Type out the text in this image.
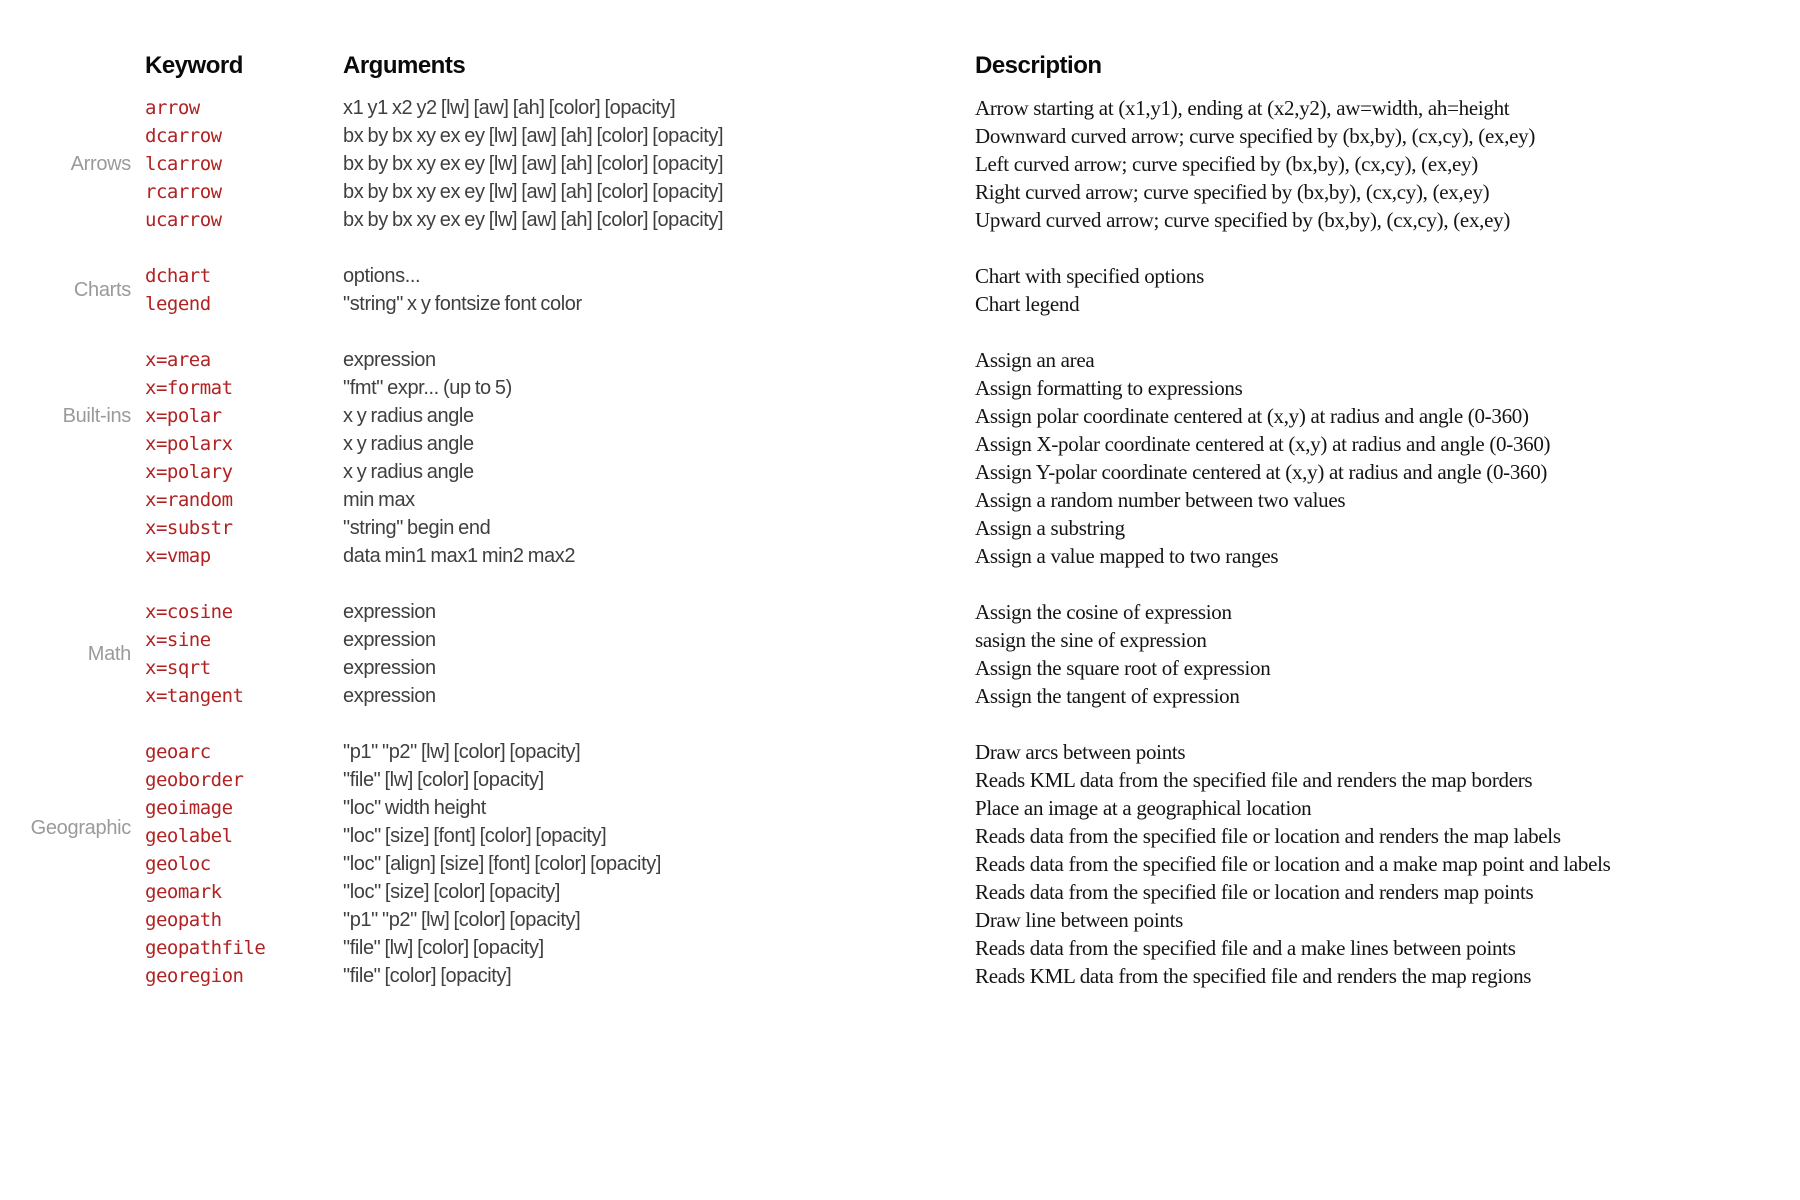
Keyword	Arguments	Description
Arrows
arrow	x1 y1 x2 y2 [lw] [aw] [ah] [color] [opacity]	Arrow starting at (x1,y1), ending at (x2,y2), aw=width, ah=height
dcarrow	bx by bx xy ex ey [lw] [aw] [ah] [color] [opacity]	Downward curved arrow; curve specified by (bx,by), (cx,cy), (ex,ey)
lcarrow	bx by bx xy ex ey [lw] [aw] [ah] [color] [opacity]	Left curved arrow; curve specified by (bx,by), (cx,cy), (ex,ey)
rcarrow	bx by bx xy ex ey [lw] [aw] [ah] [color] [opacity]	Right curved arrow; curve specified by (bx,by), (cx,cy), (ex,ey)
ucarrow	bx by bx xy ex ey [lw] [aw] [ah] [color] [opacity]	Upward curved arrow; curve specified by (bx,by), (cx,cy), (ex,ey)
Charts
dchart	options...	Chart with specified options
legend	"string" x y fontsize font color	Chart legend
Built-ins
x=area	expression	Assign an area
x=format	"fmt" expr... (up to 5)	Assign formatting to expressions
x=polar	x y radius angle	Assign polar coordinate centered at (x,y) at radius and angle (0-360)
x=polarx	x y radius angle	Assign X-polar coordinate centered at (x,y) at radius and angle (0-360)
x=polary	x y radius angle	Assign Y-polar coordinate centered at (x,y) at radius and angle (0-360)
x=random	min max	Assign a random number between two values
x=substr	"string" begin end	Assign a substring
x=vmap	data min1 max1 min2 max2	Assign a value mapped to two ranges
Math
x=cosine	expression	Assign the cosine of expression
x=sine	expression	sasign the sine of expression
x=sqrt	expression	Assign the square root of expression
x=tangent	expression	Assign the tangent of expression
Geographic
geoarc	"p1" "p2" [lw] [color] [opacity]	Draw arcs between points
geoborder	"file" [lw] [color] [opacity]	Reads KML data from the specified file and renders the map borders
geoimage	"loc" width height	Place an image at a geographical location
geolabel	"loc" [size] [font] [color] [opacity]	Reads data from the specified file or location and renders the map labels
geoloc	"loc" [align] [size] [font] [color] [opacity]	Reads data from the specified file or location and a make map point and labels
geomark	"loc" [size] [color] [opacity]	Reads data from the specified file or location and renders map points
geopath	"p1" "p2" [lw] [color] [opacity]	Draw line between points
geopathfile	"file" [lw] [color] [opacity]	Reads data from the specified file and a make lines between points
georegion	"file" [color] [opacity]	Reads KML data from the specified file and renders the map regions
